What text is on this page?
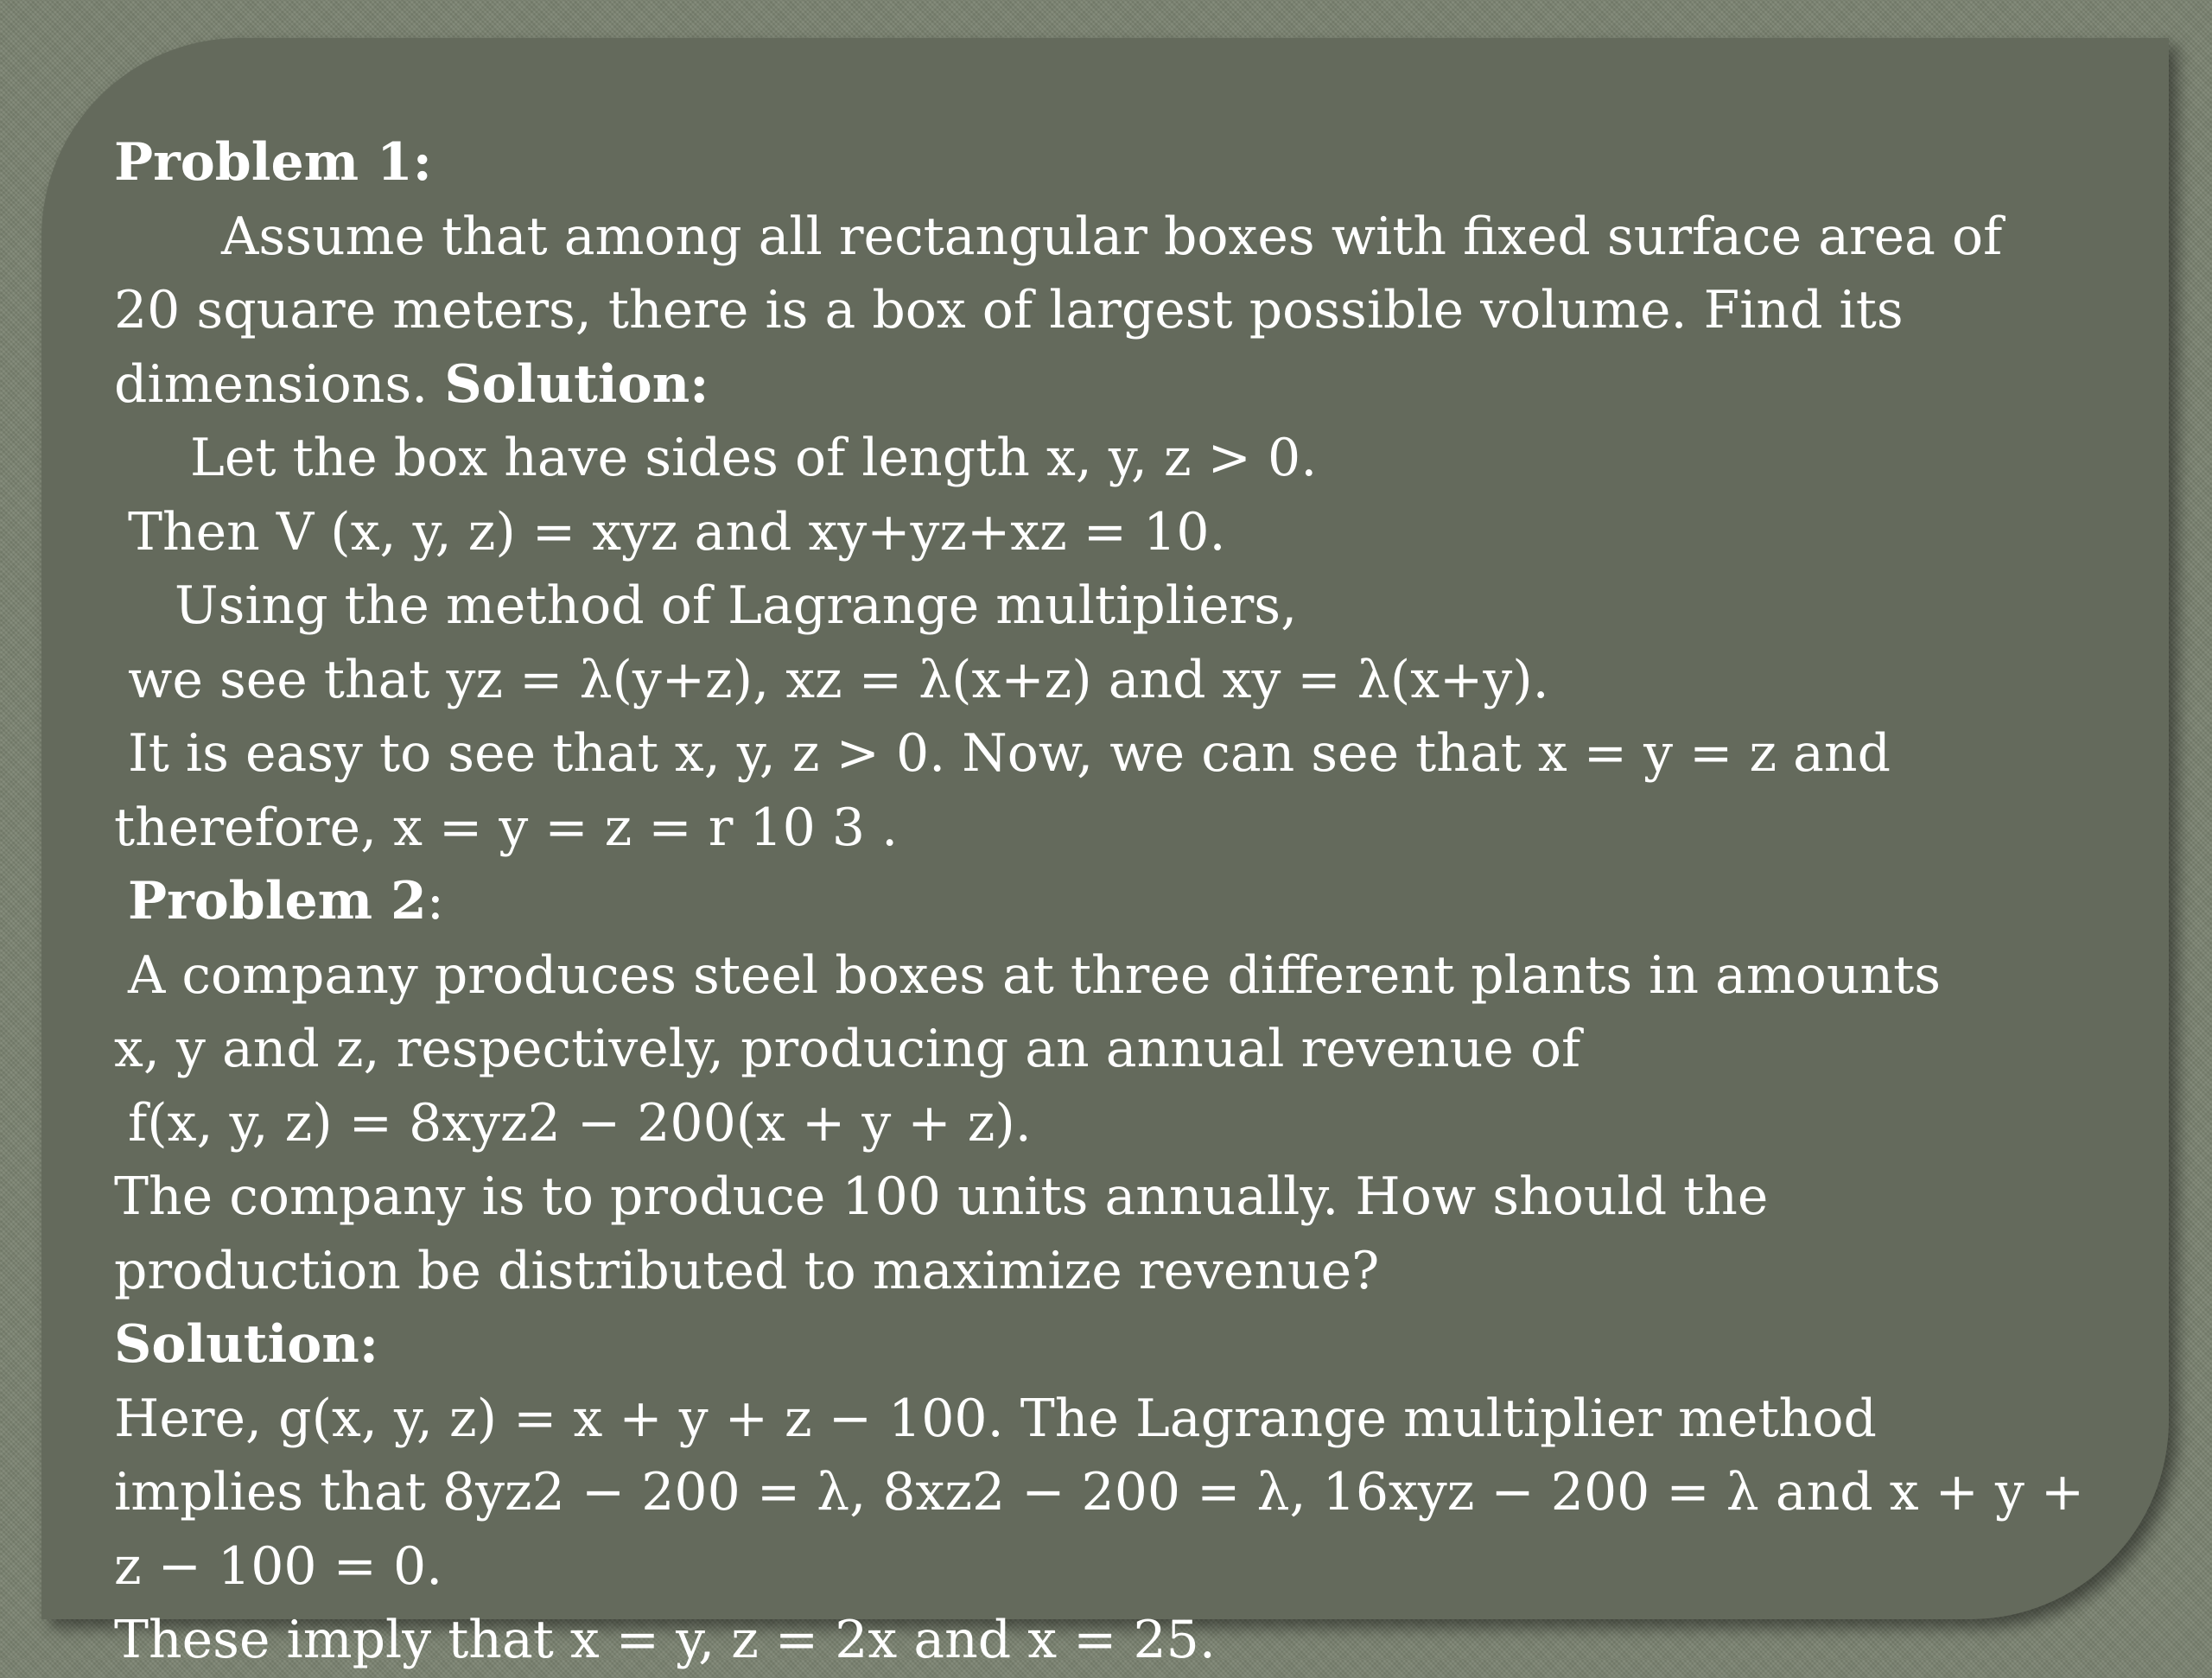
Problem 1:
Assume that among all rectangular boxes with fixed surface area of
20 square meters, there is a box of largest possible volume. Find its
dimensions. Solution:
Let the box have sides of length x, y, z > 0.
Then V (x, y, z) = xyz and xy+yz+xz = 10.
Using the method of Lagrange multipliers,
we see that yz = λ(y+z), xz = λ(x+z) and xy = λ(x+y).
It is easy to see that x, y, z > 0. Now, we can see that x = y = z and
therefore, x = y = z = r 10 3 .
Problem 2:
A company produces steel boxes at three different plants in amounts
x, y and z, respectively, producing an annual revenue of
f(x, y, z) = 8xyz2 − 200(x + y + z).
The company is to produce 100 units annually. How should the
production be distributed to maximize revenue?
Solution:
Here, g(x, y, z) = x + y + z − 100. The Lagrange multiplier method
implies that 8yz2 − 200 = λ, 8xz2 − 200 = λ, 16xyz − 200 = λ and x + y +
z − 100 = 0.
These imply that x = y, z = 2x and x = 25.
